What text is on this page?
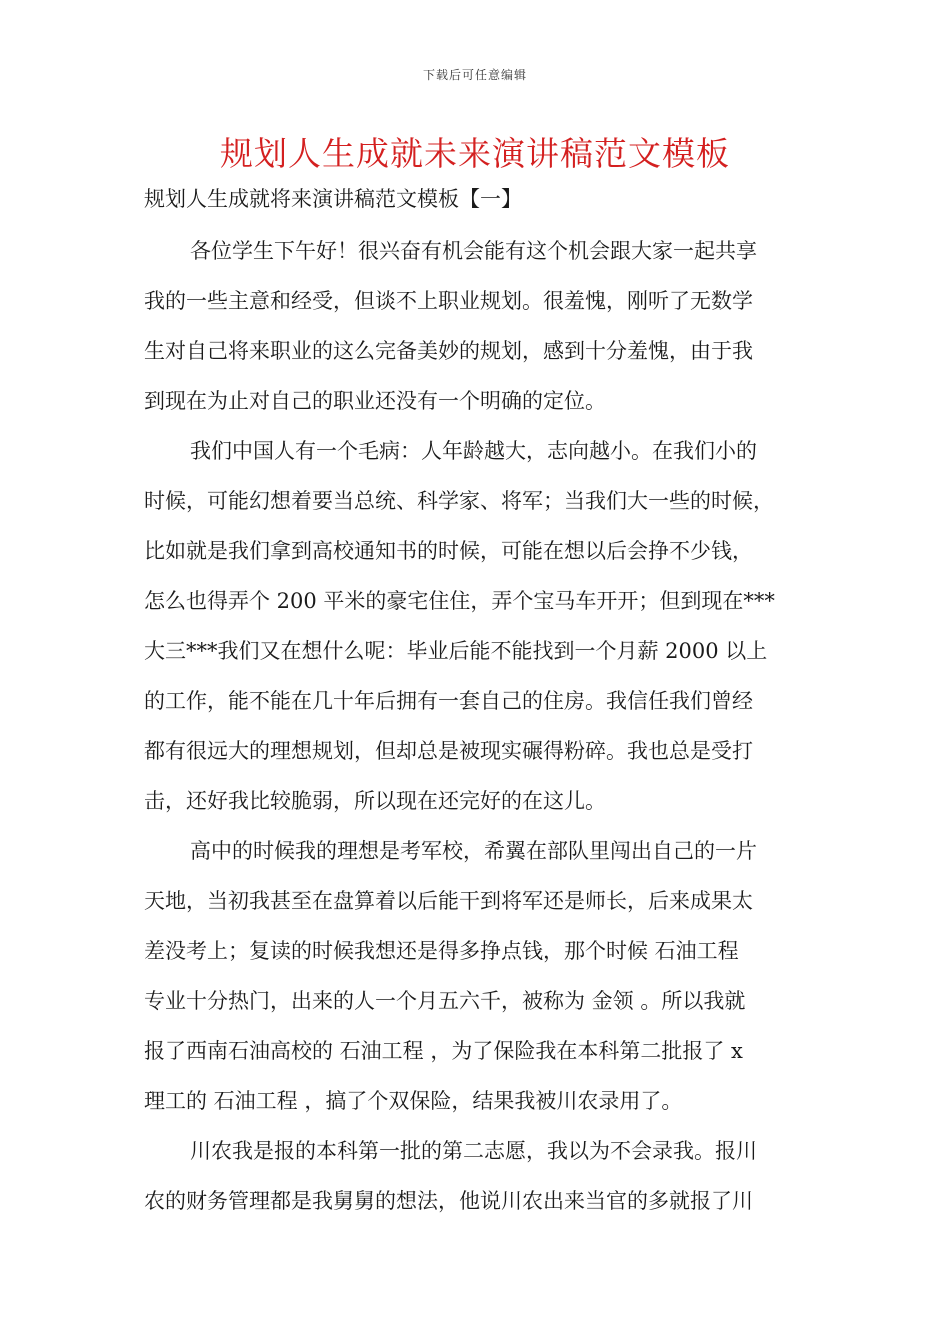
下载后可任意编辑
规划人生成就未来演讲稿范文模板

规划人生成就将来演讲稿范文模板【一】

各位学生下午好！很兴奋有机会能有这个机会跟大家一起共享
我的一些主意和经受，但谈不上职业规划。很羞愧，刚听了无数学
生对自己将来职业的这么完备美妙的规划，感到十分羞愧，由于我
到现在为止对自己的职业还没有一个明确的定位。
我们中国人有一个毛病：人年龄越大，志向越小。在我们小的
时候，可能幻想着要当总统、科学家、将军；当我们大一些的时候，
比如就是我们拿到高校通知书的时候，可能在想以后会挣不少钱，
怎么也得弄个 200 平米的豪宅住住，弄个宝马车开开；但到现在***
大三***我们又在想什么呢：毕业后能不能找到一个月薪 2000 以上
的工作，能不能在几十年后拥有一套自己的住房。我信任我们曾经
都有很远大的理想规划，但却总是被现实碾得粉碎。我也总是受打
击，还好我比较脆弱，所以现在还完好的在这儿。
高中的时候我的理想是考军校，希翼在部队里闯出自己的一片
天地，当初我甚至在盘算着以后能干到将军还是师长，后来成果太
差没考上；复读的时候我想还是得多挣点钱，那个时候 石油工程
专业十分热门，出来的人一个月五六千，被称为 金领 。所以我就
报了西南石油高校的 石油工程 ，为了保险我在本科第二批报了 x
理工的 石油工程 ，搞了个双保险，结果我被川农录用了。
川农我是报的本科第一批的第二志愿，我以为不会录我。报川
农的财务管理都是我舅舅的想法，他说川农出来当官的多就报了川
